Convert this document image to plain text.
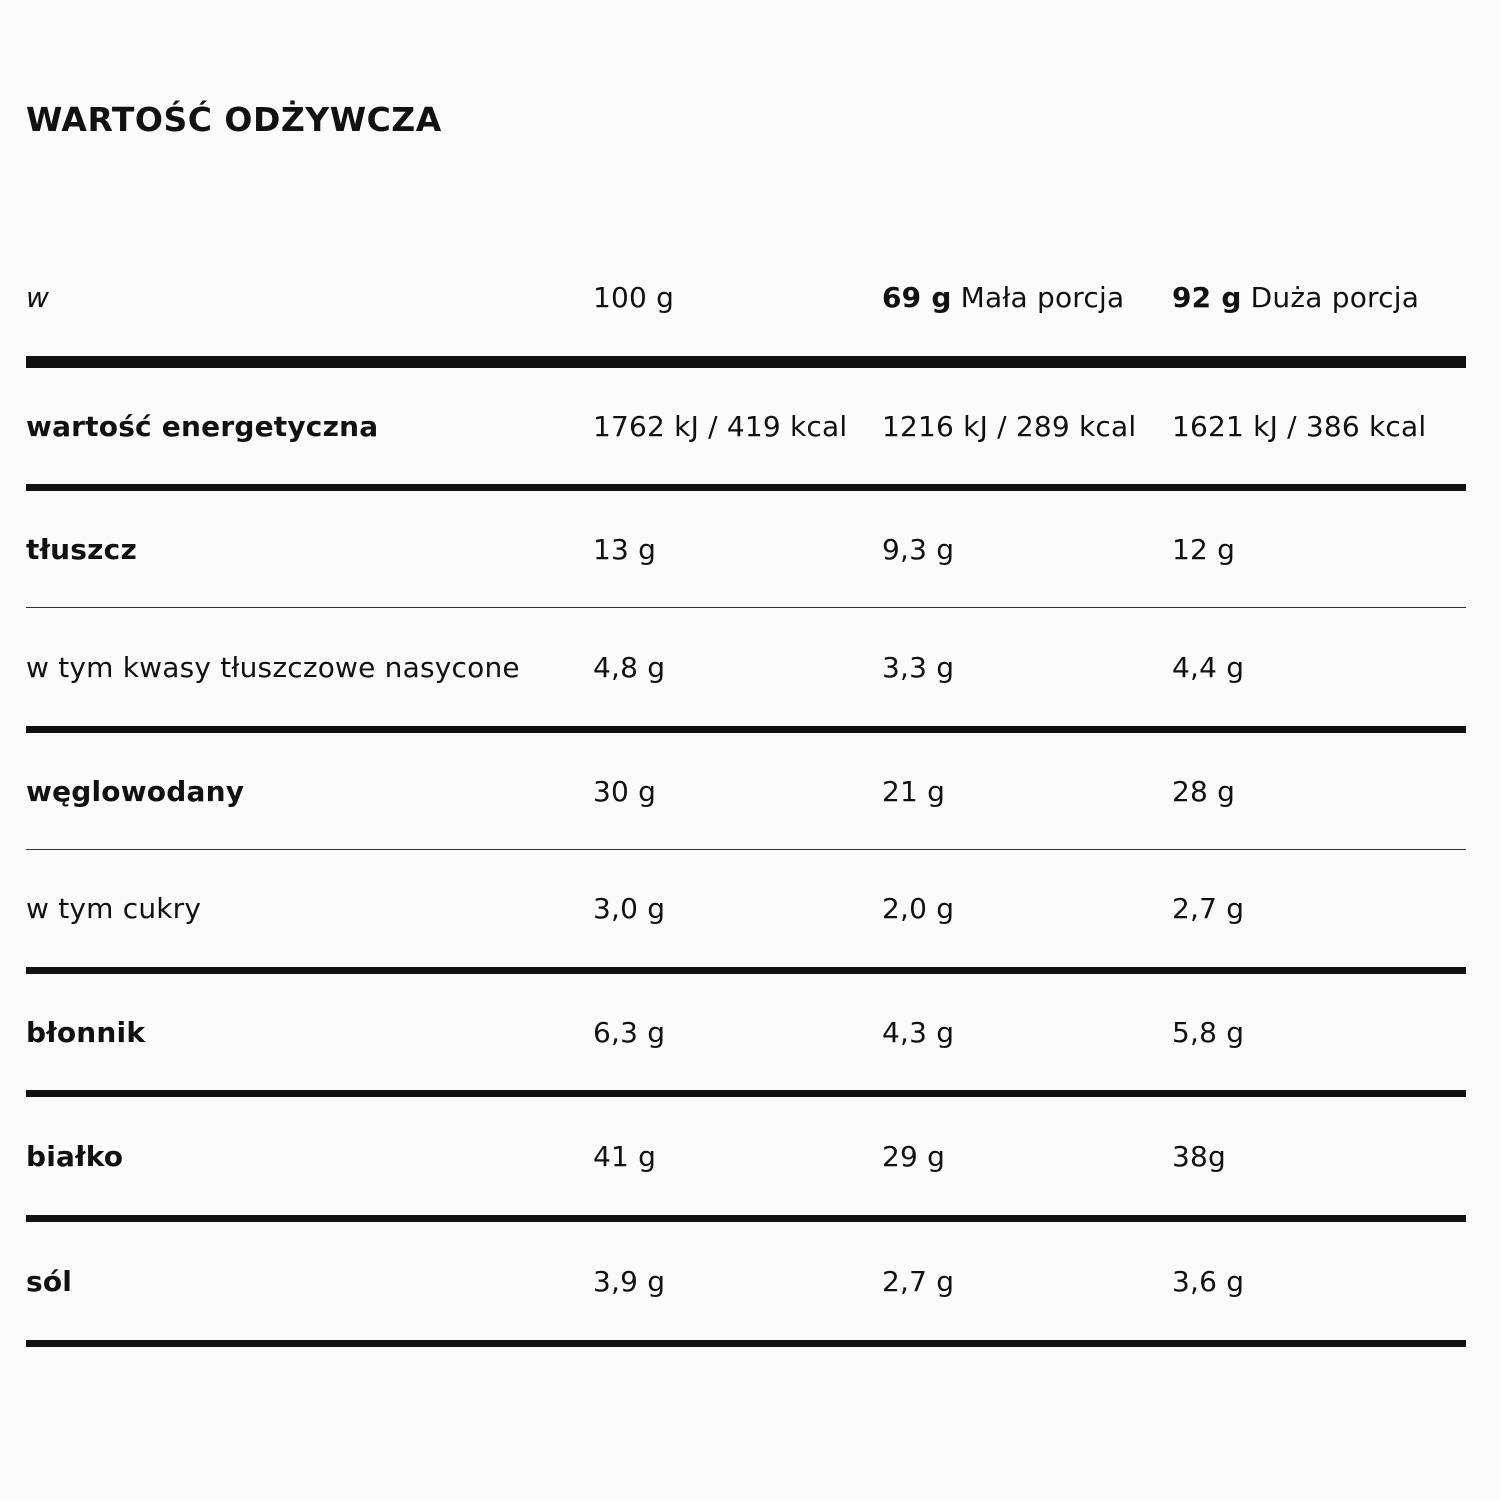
WARTOŚĆ ODŻYWCZA
w	100 g	69 g Mała porcja 92 g Duża porcja
wartość energetyczna	1762 kJ / 419 kcal 1216 kJ / 289 kcal 1621 kJ / 386 kcal
tłuszcz	13 g	9,3 g	12 g
w tym kwasy tłuszczowe nasycone	4,8 g	3,3 g	4,4 g
węglowodany	30 g	21 g	28 g
w tym cukry	3,0 g	2,0 g	2,7 g
błonnik	6,3 g	4,3 g	5,8 g
białko	41 g	29 g	38g
sól	3,9 g	2,7 g	3,6 g
